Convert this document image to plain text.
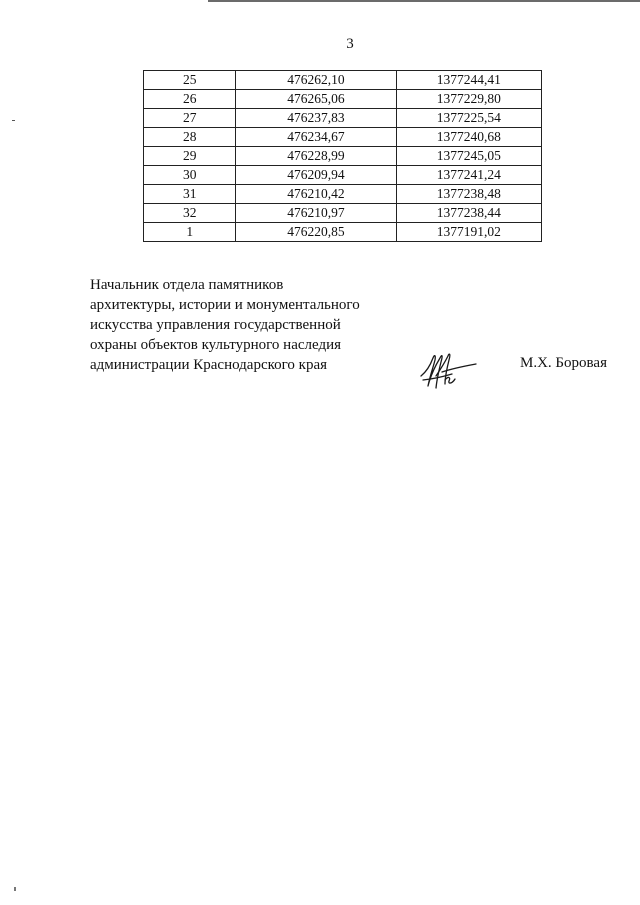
3
25	476262,10	1377244,41
26	476265,06	1377229,80
27	476237,83	1377225,54
28	476234,67	1377240,68
29	476228,99	1377245,05
30	476209,94	1377241,24
31	476210,42	1377238,48
32	476210,97	1377238,44
1	476220,85	1377191,02
Начальник отдела памятников
архитектуры, истории и монументального
искусства управления государственной
охраны объектов культурного наследия
администрации Краснодарского края	М.Х. Боровая
